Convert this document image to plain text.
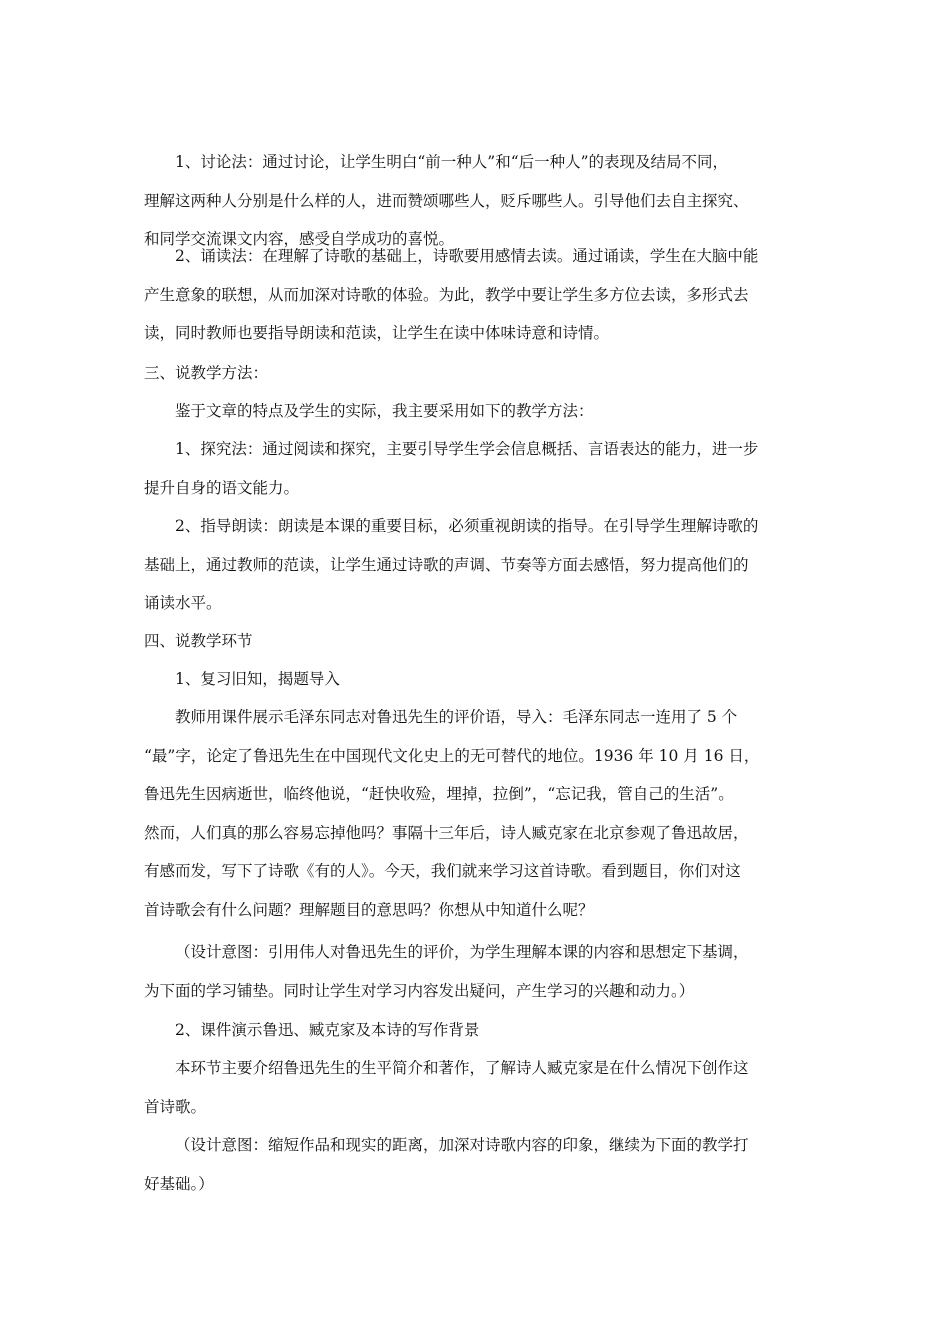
1、讨论法：通过讨论，让学生明白“前一种人”和“后一种人”的表现及结局不同，
理解这两种人分别是什么样的人，进而赞颂哪些人，贬斥哪些人。引导他们去自主探究、
和同学交流课文内容，感受自学成功的喜悦。
2、诵读法：在理解了诗歌的基础上，诗歌要用感情去读。通过诵读，学生在大脑中能
产生意象的联想，从而加深对诗歌的体验。为此，教学中要让学生多方位去读，多形式去
读，同时教师也要指导朗读和范读，让学生在读中体味诗意和诗情。
三、说教学方法：
鉴于文章的特点及学生的实际，我主要采用如下的教学方法：
1、探究法：通过阅读和探究，主要引导学生学会信息概括、言语表达的能力，进一步
提升自身的语文能力。
2、指导朗读：朗读是本课的重要目标，必须重视朗读的指导。在引导学生理解诗歌的
基础上，通过教师的范读，让学生通过诗歌的声调、节奏等方面去感悟，努力提高他们的
诵读水平。
四、说教学环节
1、复习旧知，揭题导入
教师用课件展示毛泽东同志对鲁迅先生的评价语，导入：毛泽东同志一连用了 5 个
“最”字，论定了鲁迅先生在中国现代文化史上的无可替代的地位。1936 年 10 月 16 日，
鲁迅先生因病逝世，临终他说，“赶快收殓，埋掉，拉倒”，“忘记我，管自己的生活”。
然而，人们真的那么容易忘掉他吗？事隔十三年后，诗人臧克家在北京参观了鲁迅故居，
有感而发，写下了诗歌《有的人》。今天，我们就来学习这首诗歌。看到题目，你们对这
首诗歌会有什么问题？理解题目的意思吗？你想从中知道什么呢？
（设计意图：引用伟人对鲁迅先生的评价，为学生理解本课的内容和思想定下基调，
为下面的学习铺垫。同时让学生对学习内容发出疑问，产生学习的兴趣和动力。）
2、课件演示鲁迅、臧克家及本诗的写作背景
本环节主要介绍鲁迅先生的生平简介和著作，了解诗人臧克家是在什么情况下创作这
首诗歌。
（设计意图：缩短作品和现实的距离，加深对诗歌内容的印象，继续为下面的教学打
好基础。）
